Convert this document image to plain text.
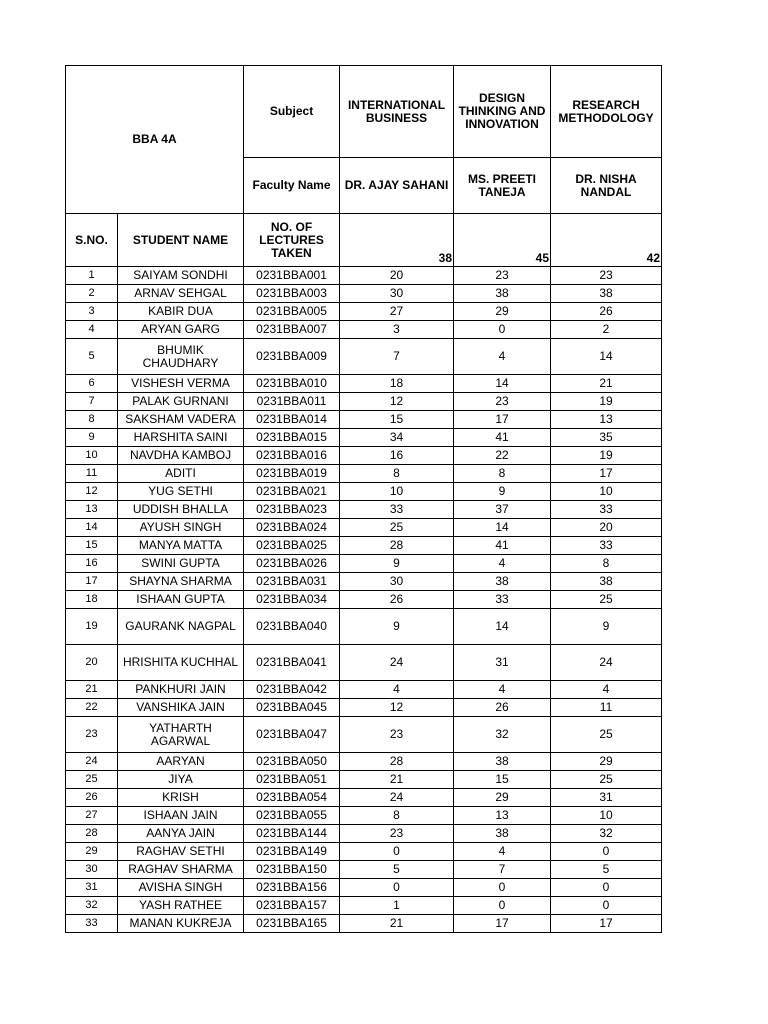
BBA 4A		Subject	INTERNATIONAL BUSINESS	DESIGN THINKING AND INNOVATION	RESEARCH METHODOLOGY
		Faculty Name	DR. AJAY SAHANI	MS. PREETI TANEJA	DR. NISHA NANDAL
S.NO.	STUDENT NAME	NO. OF LECTURES TAKEN	38	45	42
1	SAIYAM SONDHI	0231BBA001	20	23	23
2	ARNAV SEHGAL	0231BBA003	30	38	38
3	KABIR DUA	0231BBA005	27	29	26
4	ARYAN GARG	0231BBA007	3	0	2
5	BHUMIK CHAUDHARY	0231BBA009	7	4	14
6	VISHESH VERMA	0231BBA010	18	14	21
7	PALAK GURNANI	0231BBA011	12	23	19
8	SAKSHAM VADERA	0231BBA014	15	17	13
9	HARSHITA SAINI	0231BBA015	34	41	35
10	NAVDHA KAMBOJ	0231BBA016	16	22	19
11	ADITI	0231BBA019	8	8	17
12	YUG SETHI	0231BBA021	10	9	10
13	UDDISH BHALLA	0231BBA023	33	37	33
14	AYUSH SINGH	0231BBA024	25	14	20
15	MANYA MATTA	0231BBA025	28	41	33
16	SWINI GUPTA	0231BBA026	9	4	8
17	SHAYNA SHARMA	0231BBA031	30	38	38
18	ISHAAN GUPTA	0231BBA034	26	33	25
19	GAURANK NAGPAL	0231BBA040	9	14	9
20	HRISHITA KUCHHAL	0231BBA041	24	31	24
21	PANKHURI JAIN	0231BBA042	4	4	4
22	VANSHIKA JAIN	0231BBA045	12	26	11
23	YATHARTH AGARWAL	0231BBA047	23	32	25
24	AARYAN	0231BBA050	28	38	29
25	JIYA	0231BBA051	21	15	25
26	KRISH	0231BBA054	24	29	31
27	ISHAAN JAIN	0231BBA055	8	13	10
28	AANYA JAIN	0231BBA144	23	38	32
29	RAGHAV SETHI	0231BBA149	0	4	0
30	RAGHAV SHARMA	0231BBA150	5	7	5
31	AVISHA SINGH	0231BBA156	0	0	0
32	YASH RATHEE	0231BBA157	1	0	0
33	MANAN KUKREJA	0231BBA165	21	17	17
